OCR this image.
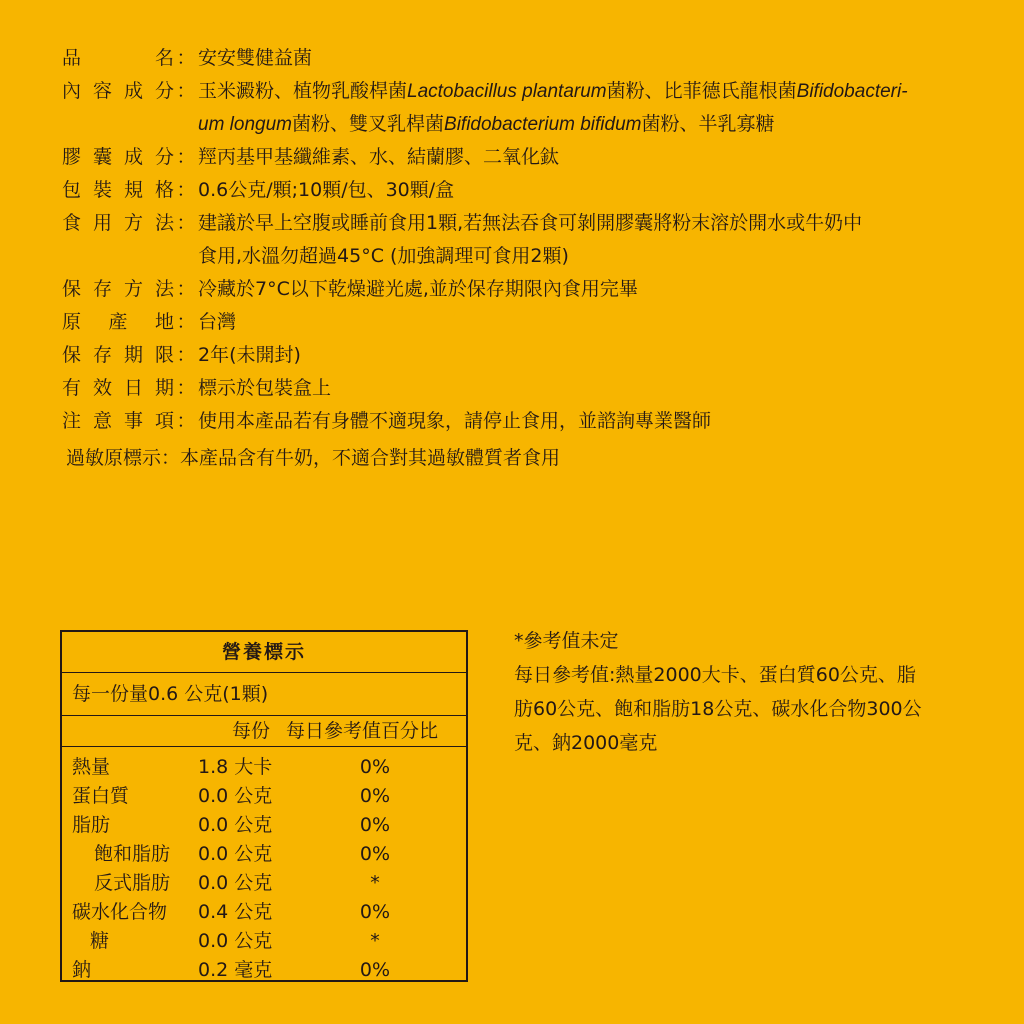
品　名 ： 安安雙健益菌
內容成分 ： 玉米澱粉、植物乳酸桿菌Lactobacillus plantarum菌粉、比菲德氏龍根菌Bifidobacteri-
um longum菌粉、雙叉乳桿菌Bifidobacterium bifidum菌粉、半乳寡糖
膠囊成分 ： 羥丙基甲基纖維素、水、結蘭膠、二氧化鈦
包裝規格 ： 0.6公克/顆;10顆/包、30顆/盒
食用方法 ： 建議於早上空腹或睡前食用1顆,若無法吞食可剝開膠囊將粉末溶於開水或牛奶中
食用,水溫勿超過45°C (加強調理可食用2顆)
保存方法 ： 冷藏於7°C以下乾燥避光處,並於保存期限內食用完畢
原產地 ： 台灣
保存期限 ： 2年(未開封)
有效日期 ： 標示於包裝盒上
注意事項 ： 使用本產品若有身體不適現象，請停止食用，並諮詢專業醫師
過敏原標示 ： 本產品含有牛奶，不適合對其過敏體質者食用
營養標示
每一份量0.6 公克(1顆)
每份 每日參考值百分比
熱量	1.8 大卡	0%
蛋白質	0.0 公克	0%
脂肪	0.0 公克	0%
飽和脂肪 0.0 公克	0%
反式脂肪 0.0 公克	*
碳水化合物 0.4 公克	0%
糖	0.0 公克	*
鈉	0.2 毫克	0%
*參考值未定
每日參考值:熱量2000大卡、蛋白質60公克、脂
肪60公克、飽和脂肪18公克、碳水化合物300公
克、鈉2000毫克
